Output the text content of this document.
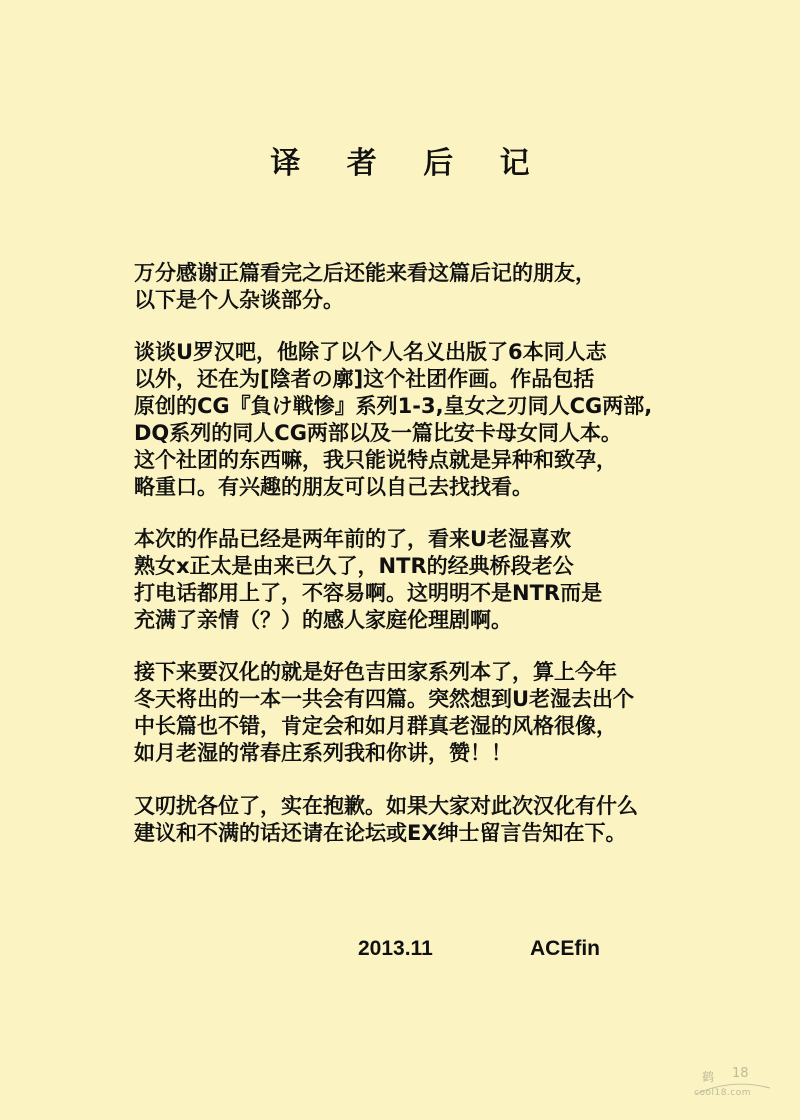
译 者 后 记
万分感谢正篇看完之后还能来看这篇后记的朋友，
以下是个人杂谈部分。
谈谈U罗汉吧，他除了以个人名义出版了6本同人志
以外，还在为[陰者の廓]这个社团作画。作品包括
原创的CG『負け戦惨』系列1-3,皇女之刃同人CG两部,
DQ系列的同人CG两部以及一篇比安卡母女同人本。
这个社团的东西嘛，我只能说特点就是异种和致孕，
略重口。有兴趣的朋友可以自己去找找看。
本次的作品已经是两年前的了，看来U老湿喜欢
熟女x正太是由来已久了，NTR的经典桥段老公
打电话都用上了，不容易啊。这明明不是NTR而是
充满了亲情（？）的感人家庭伦理剧啊。
接下来要汉化的就是好色吉田家系列本了，算上今年
冬天将出的一本一共会有四篇。突然想到U老湿去出个
中长篇也不错，肯定会和如月群真老湿的风格很像，
如月老湿的常春庄系列我和你讲，赞！！
又叨扰各位了，实在抱歉。如果大家对此次汉化有什么
建议和不满的话还请在论坛或EX绅士留言告知在下。
2013.11	ACEfin
鹤 18
cool18.com
